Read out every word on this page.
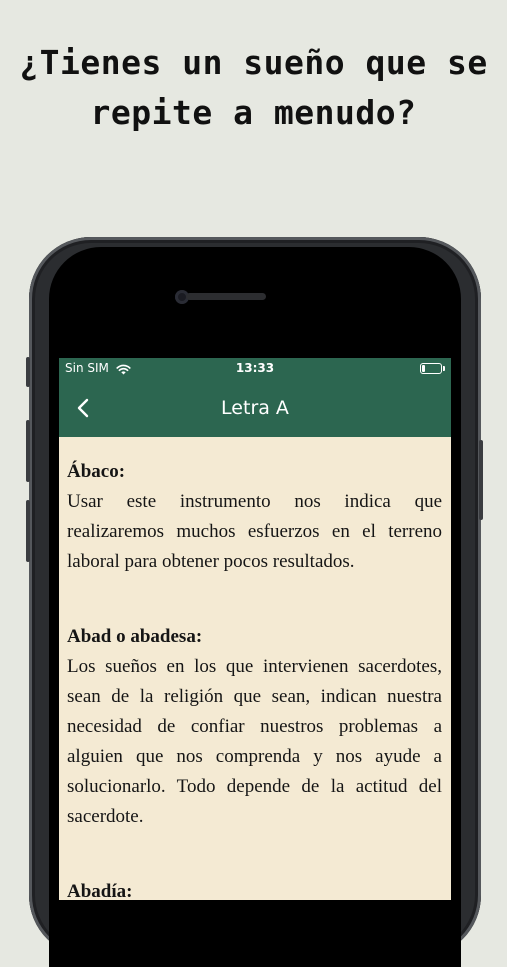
¿Tienes un sueño que se
repite a menudo?
Sin SIM	13:33
Letra A
Ábaco:
Usar este instrumento nos indica que realizaremos muchos esfuerzos en el terreno laboral para obtener pocos resultados.
Abad o abadesa:
Los sueños en los que intervienen sacerdotes, sean de la religión que sean, indican nuestra necesidad de confiar nuestros problemas a alguien que nos comprenda y nos ayude a solucionarlo. Todo depende de la actitud del sacerdote.
Abadía:
